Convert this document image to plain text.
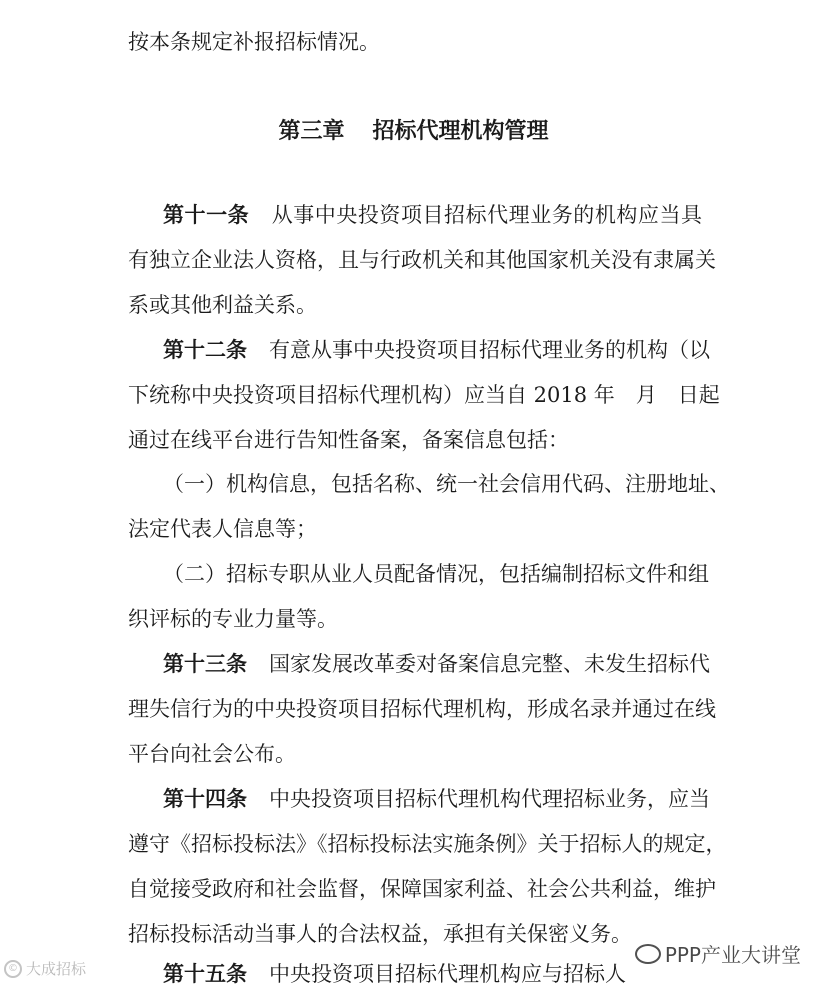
按本条规定补报招标情况。
第三章 招标代理机构管理
第十一条 从事中央投资项目招标代理业务的机构应当具
有独立企业法人资格，且与行政机关和其他国家机关没有隶属关
系或其他利益关系。
第十二条 有意从事中央投资项目招标代理业务的机构（以
下统称中央投资项目招标代理机构）应当自 2018 年　月　日起
通过在线平台进行告知性备案，备案信息包括：
（一）机构信息，包括名称、统一社会信用代码、注册地址、
法定代表人信息等；
（二）招标专职从业人员配备情况，包括编制招标文件和组
织评标的专业力量等。
第十三条 国家发展改革委对备案信息完整、未发生招标代
理失信行为的中央投资项目招标代理机构，形成名录并通过在线
平台向社会公布。
第十四条 中央投资项目招标代理机构代理招标业务，应当
遵守《招标投标法》《招标投标法实施条例》关于招标人的规定，
自觉接受政府和社会监督，保障国家利益、社会公共利益，维护
招标投标活动当事人的合法权益，承担有关保密义务。
第十五条 中央投资项目招标代理机构应与招标人
© 大成招标
PPP产业大讲堂
